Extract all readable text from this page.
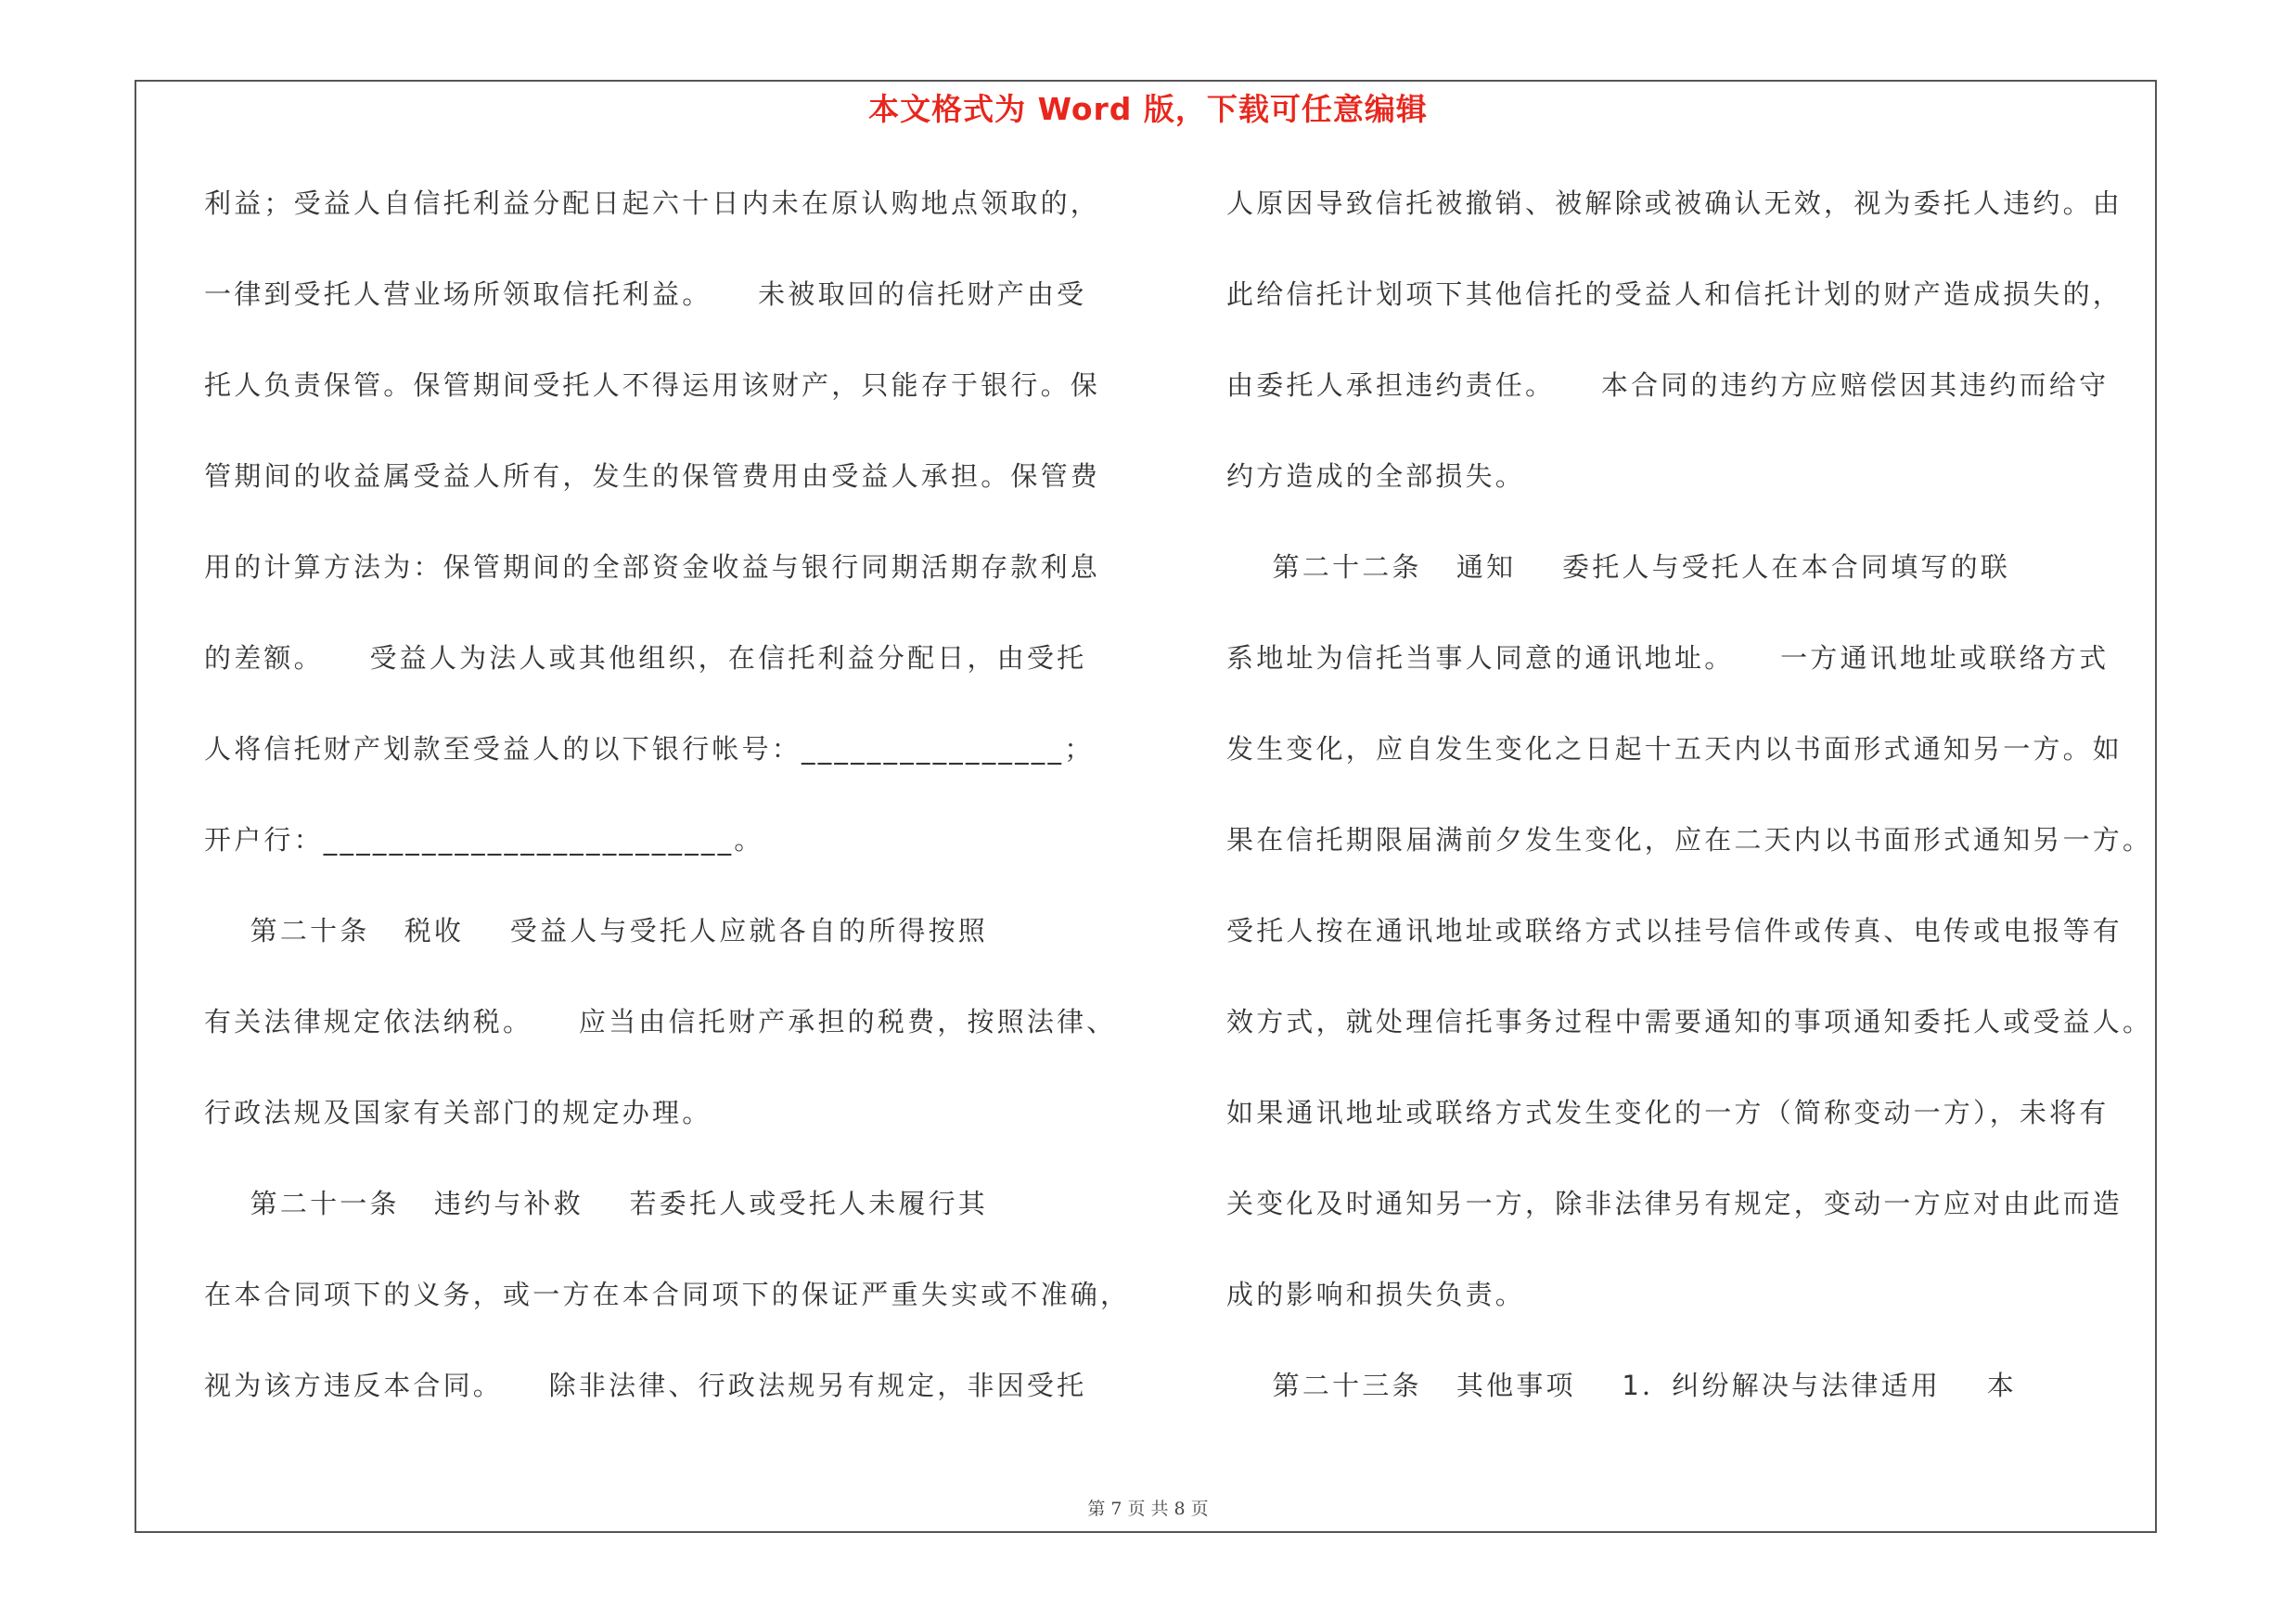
本文格式为 Word 版，下载可任意编辑
利益；受益人自信托利益分配日起六十日内未在原认购地点领取的，
一律到受托人营业场所领取信托利益。    未被取回的信托财产由受
托人负责保管。保管期间受托人不得运用该财产，只能存于银行。保
管期间的收益属受益人所有，发生的保管费用由受益人承担。保管费
用的计算方法为：保管期间的全部资金收益与银行同期活期存款利息
的差额。    受益人为法人或其他组织，在信托利益分配日，由受托
人将信托财产划款至受益人的以下银行帐号：________________；
开户行：_________________________。
第二十条   税收    受益人与受托人应就各自的所得按照
有关法律规定依法纳税。    应当由信托财产承担的税费，按照法律、
行政法规及国家有关部门的规定办理。
第二十一条   违约与补救    若委托人或受托人未履行其
在本合同项下的义务，或一方在本合同项下的保证严重失实或不准确，
视为该方违反本合同。    除非法律、行政法规另有规定，非因受托
人原因导致信托被撤销、被解除或被确认无效，视为委托人违约。由
此给信托计划项下其他信托的受益人和信托计划的财产造成损失的，
由委托人承担违约责任。    本合同的违约方应赔偿因其违约而给守
约方造成的全部损失。
第二十二条   通知    委托人与受托人在本合同填写的联
系地址为信托当事人同意的通讯地址。    一方通讯地址或联络方式
发生变化，应自发生变化之日起十五天内以书面形式通知另一方。如
果在信托期限届满前夕发生变化，应在二天内以书面形式通知另一方。
受托人按在通讯地址或联络方式以挂号信件或传真、电传或电报等有
效方式，就处理信托事务过程中需要通知的事项通知委托人或受益人。
如果通讯地址或联络方式发生变化的一方（简称变动一方），未将有
关变化及时通知另一方，除非法律另有规定，变动一方应对由此而造
成的影响和损失负责。
第二十三条   其他事项    1．纠纷解决与法律适用    本
第 7 页 共 8 页
